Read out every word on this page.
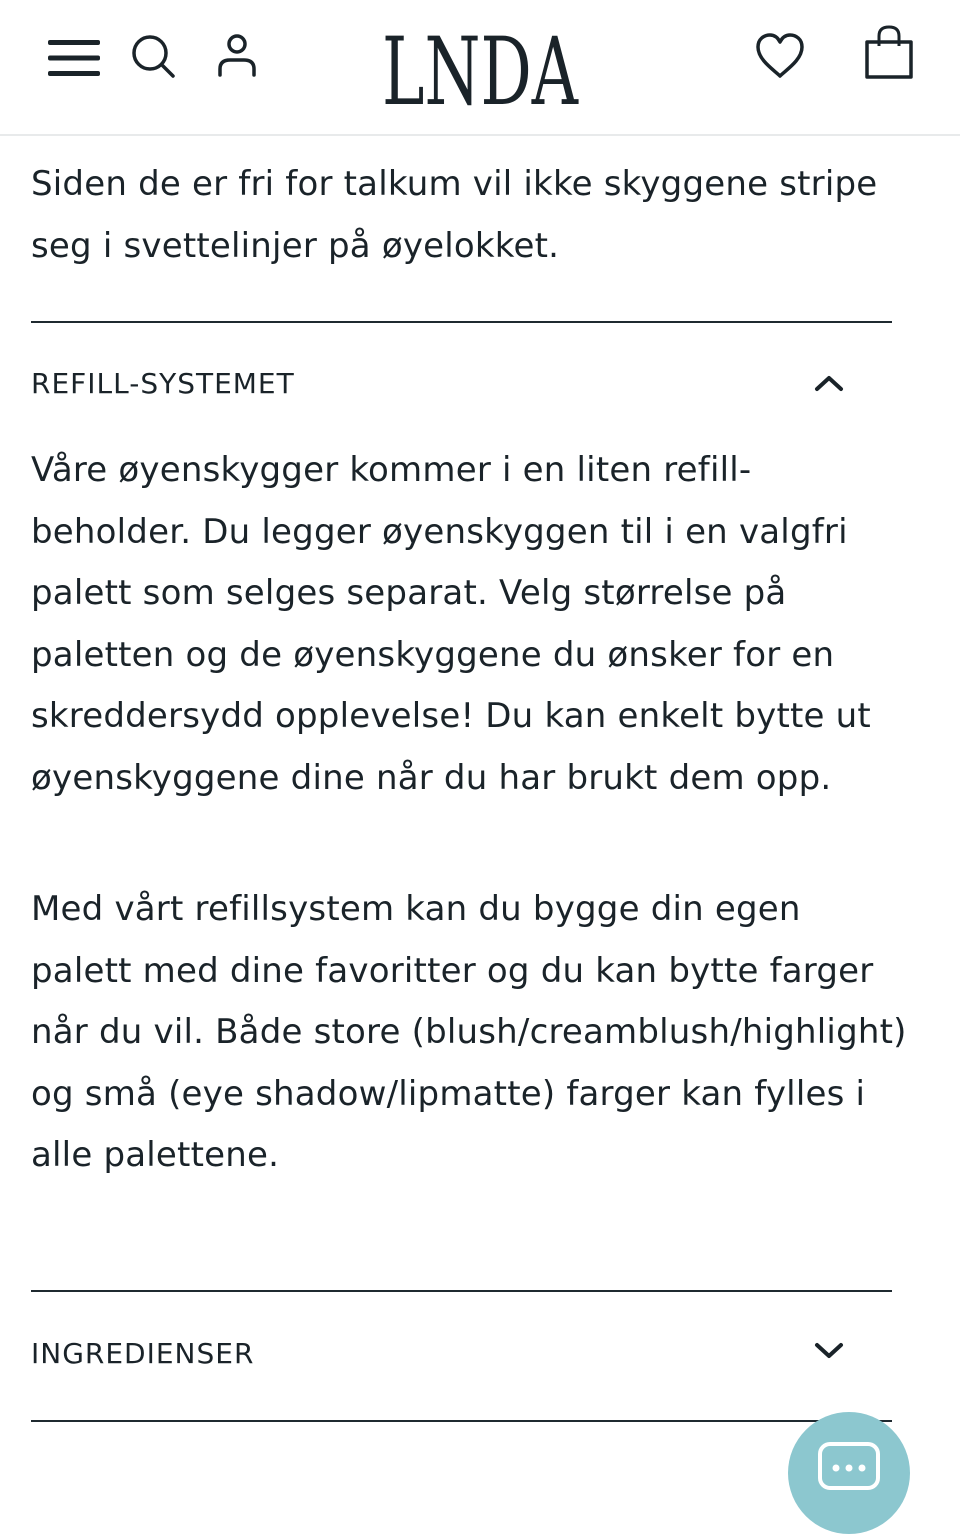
LNDA

Siden de er fri for talkum vil ikke skyggene stripe seg i svettelinjer på øyelokket.

REFILL-SYSTEMET

Våre øyenskygger kommer i en liten refill-beholder. Du legger øyenskyggen til i en valgfri palett som selges separat. Velg størrelse på paletten og de øyenskyggene du ønsker for en skreddersydd opplevelse! Du kan enkelt bytte ut øyenskyggene dine når du har brukt dem opp.

Med vårt refillsystem kan du bygge din egen palett med dine favoritter og du kan bytte farger når du vil. Både store (blush/creamblush/highlight) og små (eye shadow/lipmatte) farger kan fylles i alle palettene.

INGREDIENSER
